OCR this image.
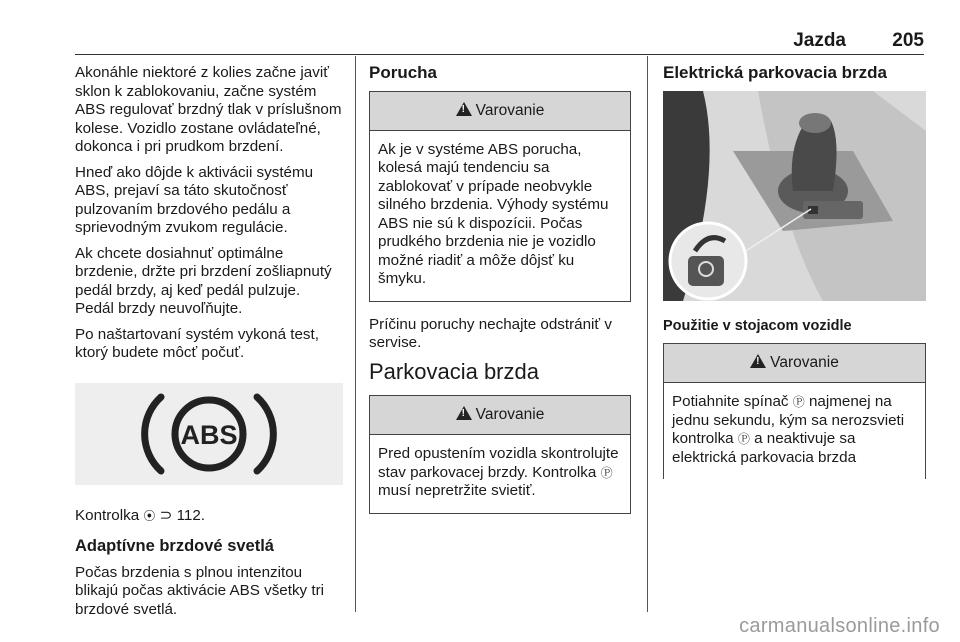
Jazda 205

Akonáhle niektoré z kolies začne javiť sklon k zablokovaniu, začne systém ABS regulovať brzdný tlak v príslušnom kolese. Vozidlo zostane ovládateľné, dokonca i pri prudkom brzdení.

Hneď ako dôjde k aktivácii systému ABS, prejaví sa táto skutočnosť pulzovaním brzdového pedálu a sprievodným zvukom regulácie.

Ak chcete dosiahnuť optimálne brzdenie, držte pri brzdení zošliapnutý pedál brzdy, aj keď pedál pulzuje. Pedál brzdy neuvoľňujte.

Po naštartovaní systém vykoná test, ktorý budete môcť počuť.

ABS

Kontrolka ⦿ ⊃ 112.

Adaptívne brzdové svetlá

Počas brzdenia s plnou intenzitou blikajú počas aktivácie ABS všetky tri brzdové svetlá.

Porucha
!Varovanie
Ak je v systéme ABS porucha, kolesá majú tendenciu sa zablokovať v prípade neobvykle silného brzdenia. Výhody systému ABS nie sú k dispozícii. Počas prudkého brzdenia nie je vozidlo možné riadiť a môže dôjsť ku šmyku.

Príčinu poruchy nechajte odstrániť v servise.

Parkovacia brzda
!Varovanie
Pred opustením vozidla skontrolujte stav parkovacej brzdy. Kontrolka Ⓟ musí nepretržite svietiť.
Elektrická parkovacia brzda
Použitie v stojacom vozidle
!Varovanie
Potiahnite spínač Ⓟ najmenej na jednu sekundu, kým sa nerozsvieti kontrolka Ⓟ a neaktivuje sa elektrická parkovacia brzda
carmanualsonline.info
